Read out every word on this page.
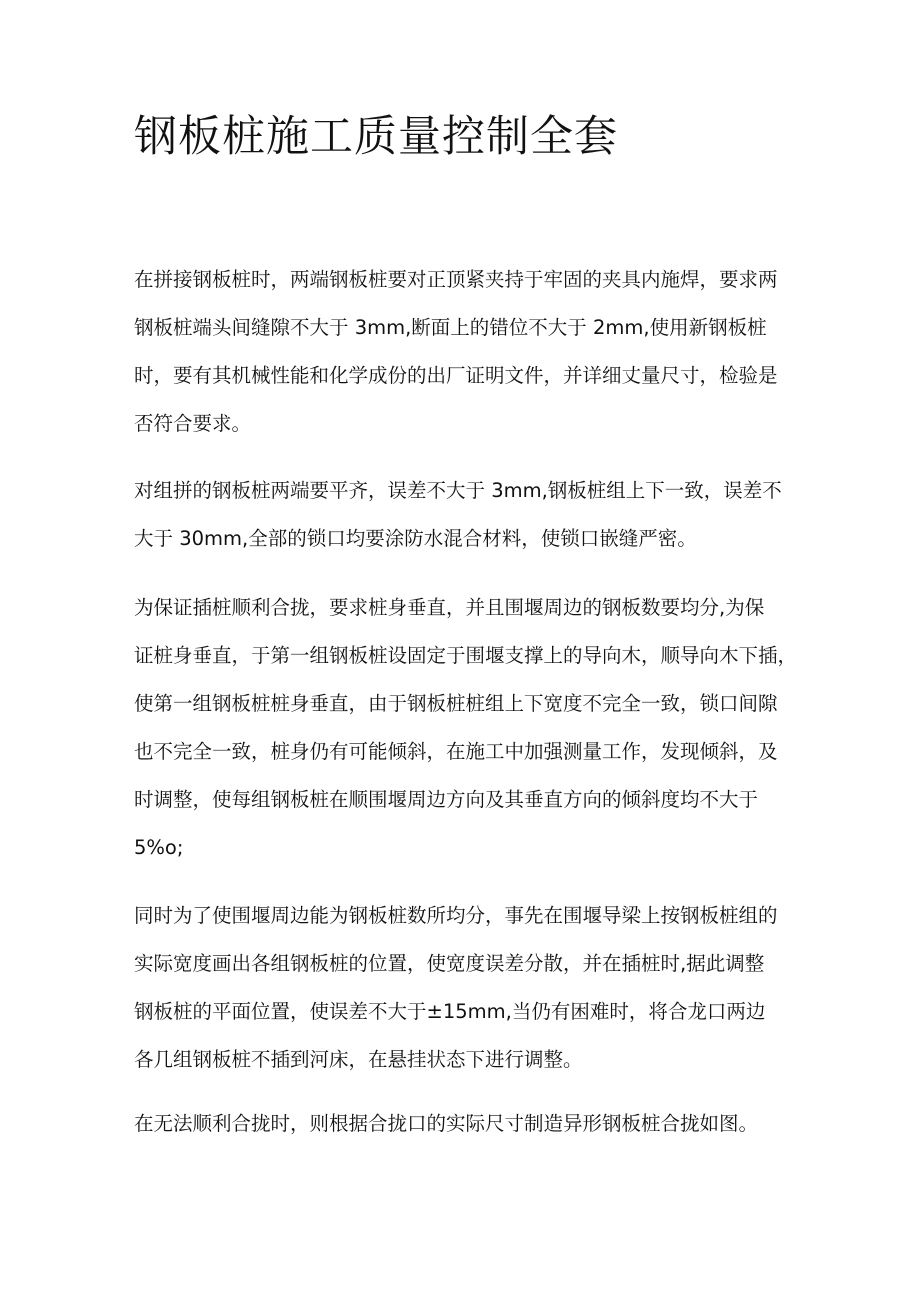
钢板桩施工质量控制全套
在拼接钢板桩时，两端钢板桩要对正顶紧夹持于牢固的夹具内施焊，要求两
钢板桩端头间缝隙不大于 3mm,断面上的错位不大于 2mm,使用新钢板桩
时，要有其机械性能和化学成份的出厂证明文件，并详细丈量尺寸，检验是
否符合要求。
对组拼的钢板桩两端要平齐，误差不大于 3mm,钢板桩组上下一致，误差不
大于 30mm,全部的锁口均要涂防水混合材料，使锁口嵌缝严密。
为保证插桩顺利合拢，要求桩身垂直，并且围堰周边的钢板数要均分,为保
证桩身垂直，于第一组钢板桩设固定于围堰支撑上的导向木，顺导向木下插，
使第一组钢板桩桩身垂直，由于钢板桩桩组上下宽度不完全一致，锁口间隙
也不完全一致，桩身仍有可能倾斜，在施工中加强测量工作，发现倾斜，及
时调整，使每组钢板桩在顺围堰周边方向及其垂直方向的倾斜度均不大于
5%o;
同时为了使围堰周边能为钢板桩数所均分，事先在围堰导梁上按钢板桩组的
实际宽度画出各组钢板桩的位置，使宽度误差分散，并在插桩时,据此调整
钢板桩的平面位置，使误差不大于±15mm,当仍有困难时，将合龙口两边
各几组钢板桩不插到河床，在悬挂状态下进行调整。
在无法顺利合拢时，则根据合拢口的实际尺寸制造异形钢板桩合拢如图。
